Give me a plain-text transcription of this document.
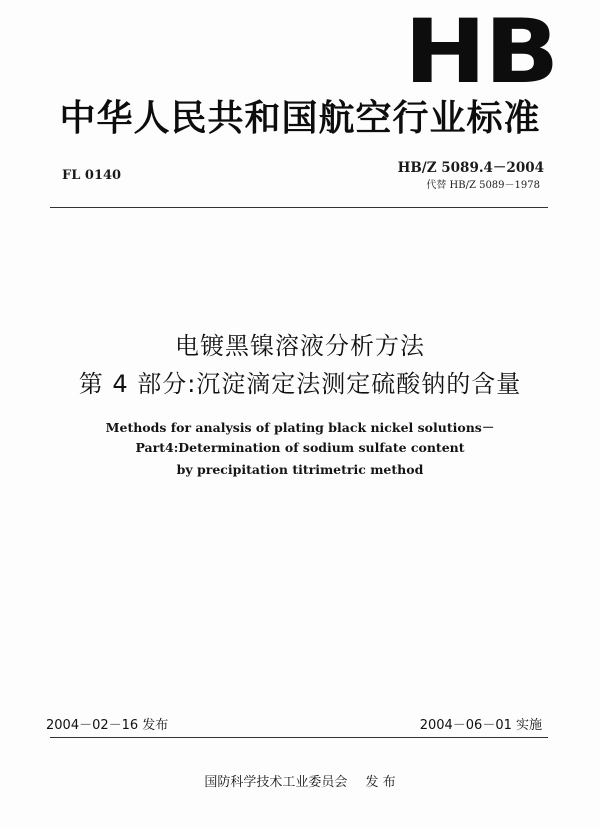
HB
中华人民共和国航空行业标准
FL 0140	HB/Z 5089.4－2004
代替 HB/Z 5089－1978
电镀黑镍溶液分析方法
第 4 部分:沉淀滴定法测定硫酸钠的含量
Methods for analysis of plating black nickel solutions－
Part4:Determination of sodium sulfate content
by precipitation titrimetric method
2004－02－16 发布	2004－06－01 实施
国防科学技术工业委员会 发 布
